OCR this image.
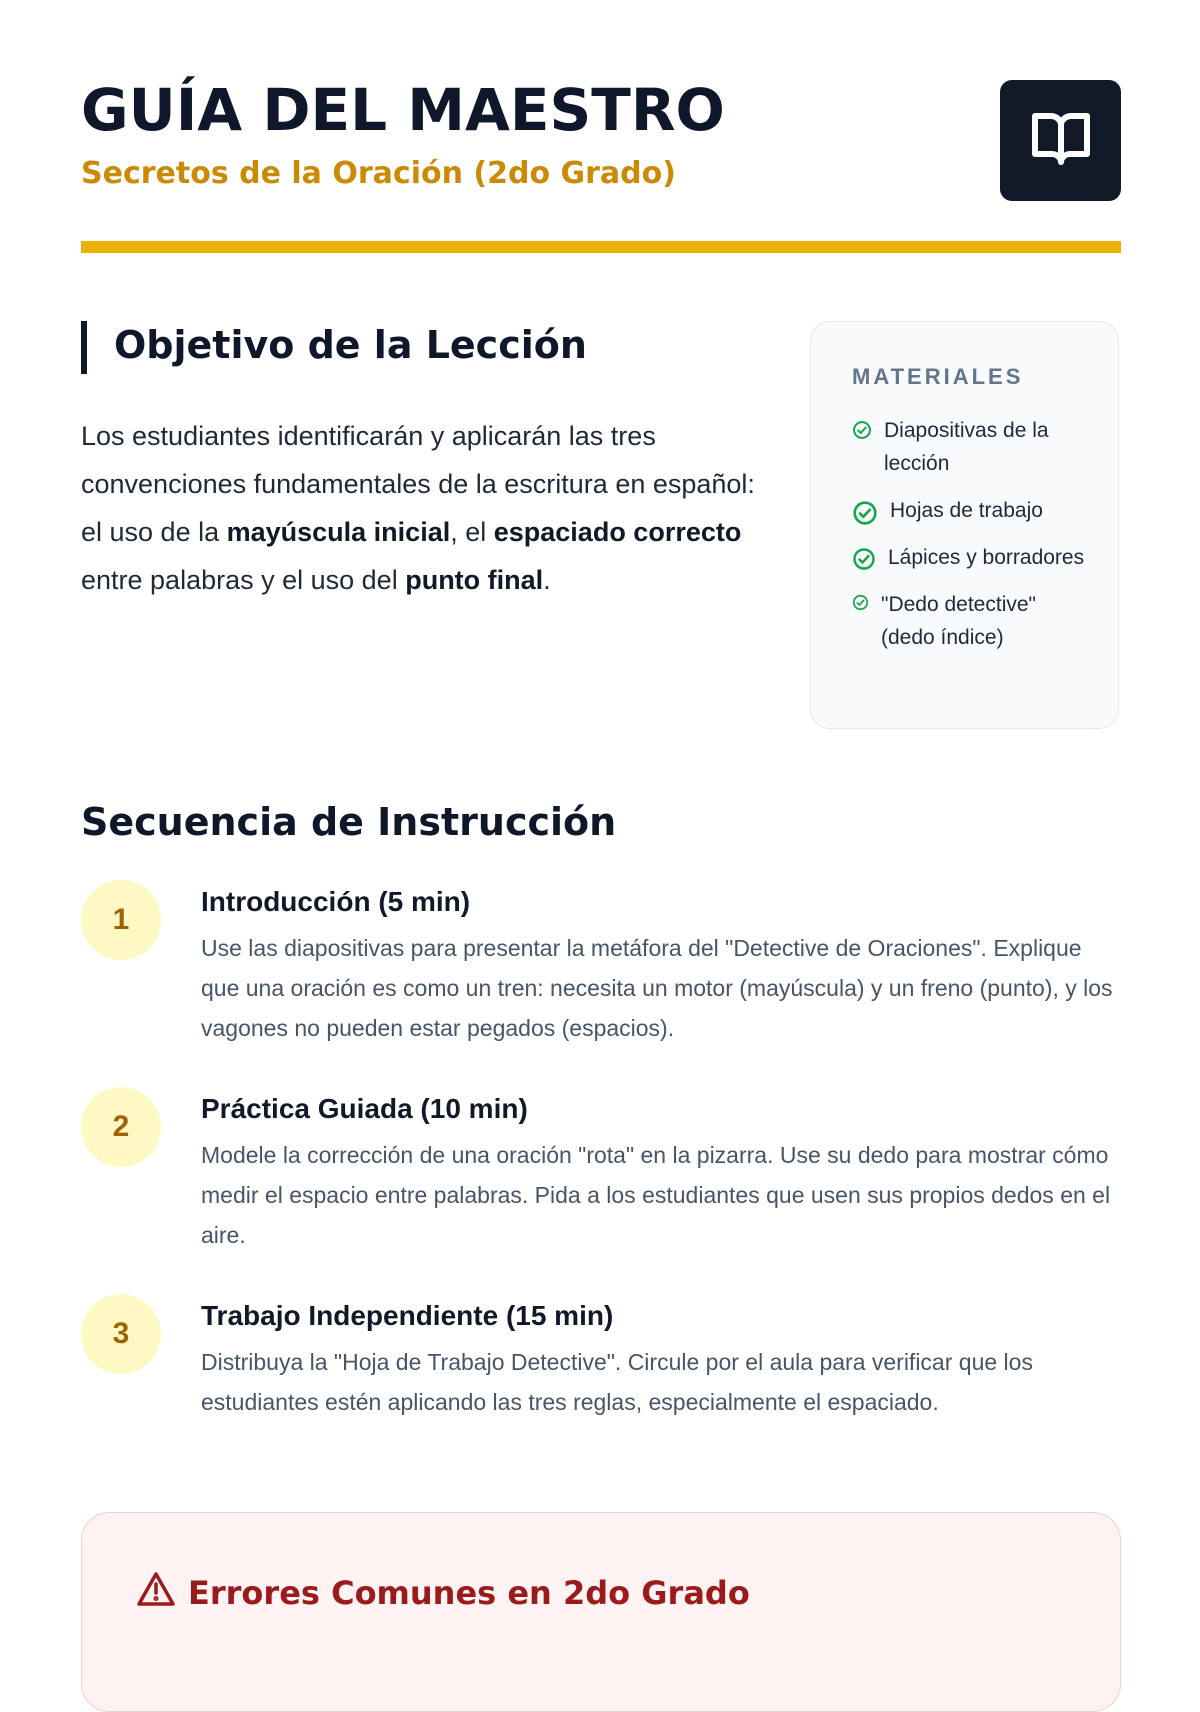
GUÍA DEL MAESTRO
Secretos de la Oración (2do Grado)
Objetivo de la Lección

Los estudiantes identificarán y aplicarán las tres convenciones fundamentales de la escritura en español: el uso de la mayúscula inicial, el espaciado correcto entre palabras y el uso del punto final.

MATERIALES
Diapositivas de la lección
Hojas de trabajo
Lápices y borradores
"Dedo detective" (dedo índice)
Secuencia de Instrucción
1
Introducción (5 min)

Use las diapositivas para presentar la metáfora del "Detective de Oraciones". Explique que una oración es como un tren: necesita un motor (mayúscula) y un freno (punto), y los vagones no pueden estar pegados (espacios).

2
Práctica Guiada (10 min)

Modele la corrección de una oración "rota" en la pizarra. Use su dedo para mostrar cómo medir el espacio entre palabras. Pida a los estudiantes que usen sus propios dedos en el aire.

3
Trabajo Independiente (15 min)

Distribuya la "Hoja de Trabajo Detective". Circule por el aula para verificar que los estudiantes estén aplicando las tres reglas, especialmente el espaciado.

Errores Comunes en 2do Grado
